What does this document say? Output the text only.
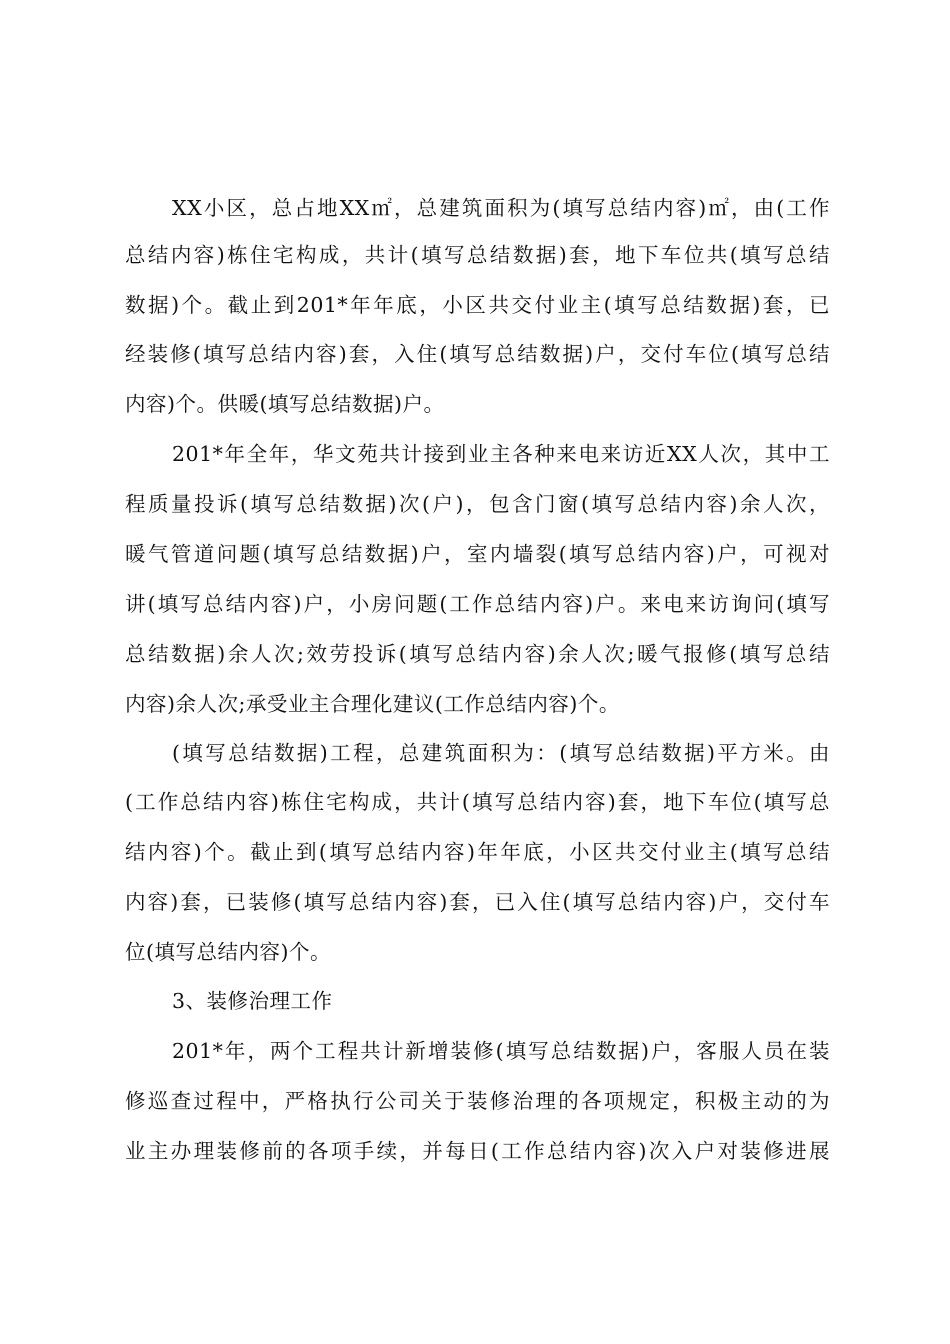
XX小区，总占地XX㎡，总建筑面积为(填写总结内容)㎡，由(工作
总结内容)栋住宅构成，共计(填写总结数据)套，地下车位共(填写总结
数据)个。截止到201*年年底，小区共交付业主(填写总结数据)套，已
经装修(填写总结内容)套，入住(填写总结数据)户，交付车位(填写总结
内容)个。供暖(填写总结数据)户。
201*年全年，华文苑共计接到业主各种来电来访近XX人次，其中工
程质量投诉(填写总结数据)次(户)，包含门窗(填写总结内容)余人次，
暖气管道问题(填写总结数据)户，室内墙裂(填写总结内容)户，可视对
讲(填写总结内容)户，小房问题(工作总结内容)户。来电来访询问(填写
总结数据)余人次;效劳投诉(填写总结内容)余人次;暖气报修(填写总结
内容)余人次;承受业主合理化建议(工作总结内容)个。
(填写总结数据)工程，总建筑面积为：(填写总结数据)平方米。由
(工作总结内容)栋住宅构成，共计(填写总结内容)套，地下车位(填写总
结内容)个。截止到(填写总结内容)年年底，小区共交付业主(填写总结
内容)套，已装修(填写总结内容)套，已入住(填写总结内容)户，交付车
位(填写总结内容)个。
3、装修治理工作
201*年，两个工程共计新增装修(填写总结数据)户，客服人员在装
修巡查过程中，严格执行公司关于装修治理的各项规定，积极主动的为
业主办理装修前的各项手续，并每日(工作总结内容)次入户对装修进展
